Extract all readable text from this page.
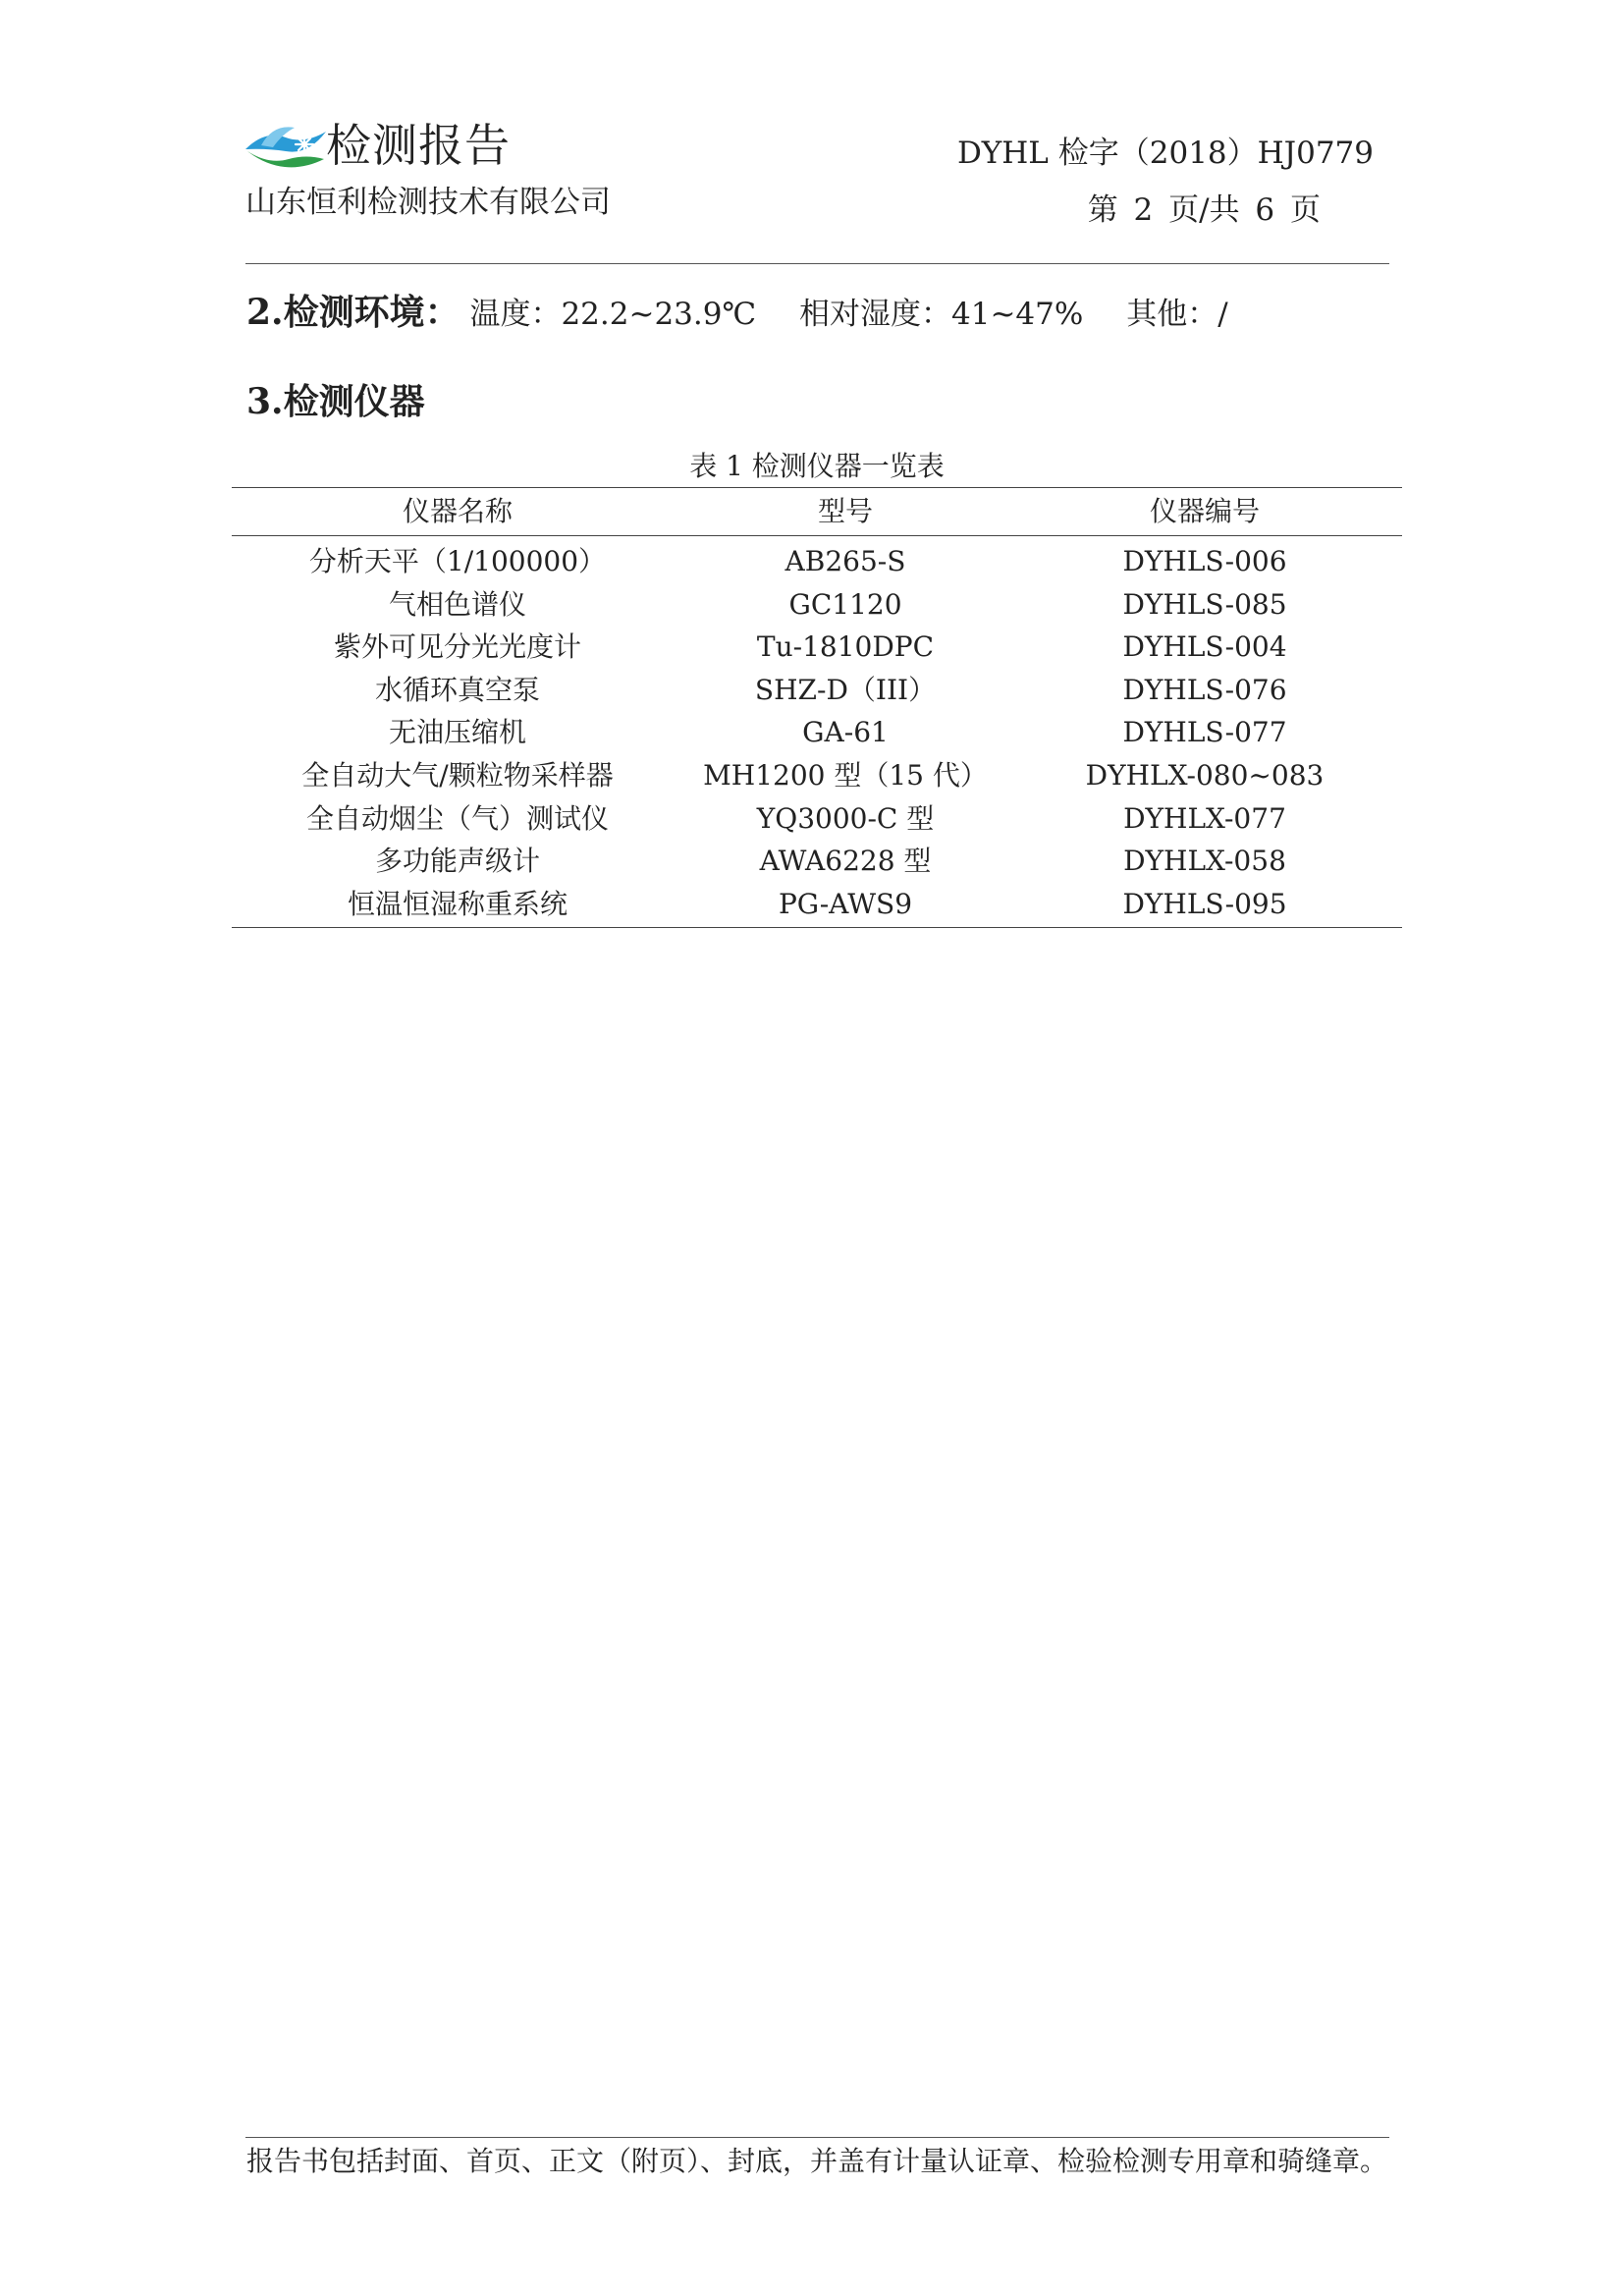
检测报告
山东恒利检测技术有限公司
DYHL 检字（2018）HJ0779
第 2 页/共 6 页
2.检测环境： 温度：22.2~23.9℃ 相对湿度：41~47% 其他：/
3.检测仪器
表 1 检测仪器一览表
仪器名称	型号	仪器编号
分析天平（1/100000）	AB265-S	DYHLS-006
气相色谱仪	GC1120	DYHLS-085
紫外可见分光光度计	Tu-1810DPC	DYHLS-004
水循环真空泵	SHZ-D（III）	DYHLS-076
无油压缩机	GA-61	DYHLS-077
全自动大气/颗粒物采样器	MH1200 型（15 代）	DYHLX-080~083
全自动烟尘（气）测试仪	YQ3000-C 型	DYHLX-077
多功能声级计	AWA6228 型	DYHLX-058
恒温恒湿称重系统	PG-AWS9	DYHLS-095
报告书包括封面、首页、正文（附页）、封底，并盖有计量认证章、检验检测专用章和骑缝章。
